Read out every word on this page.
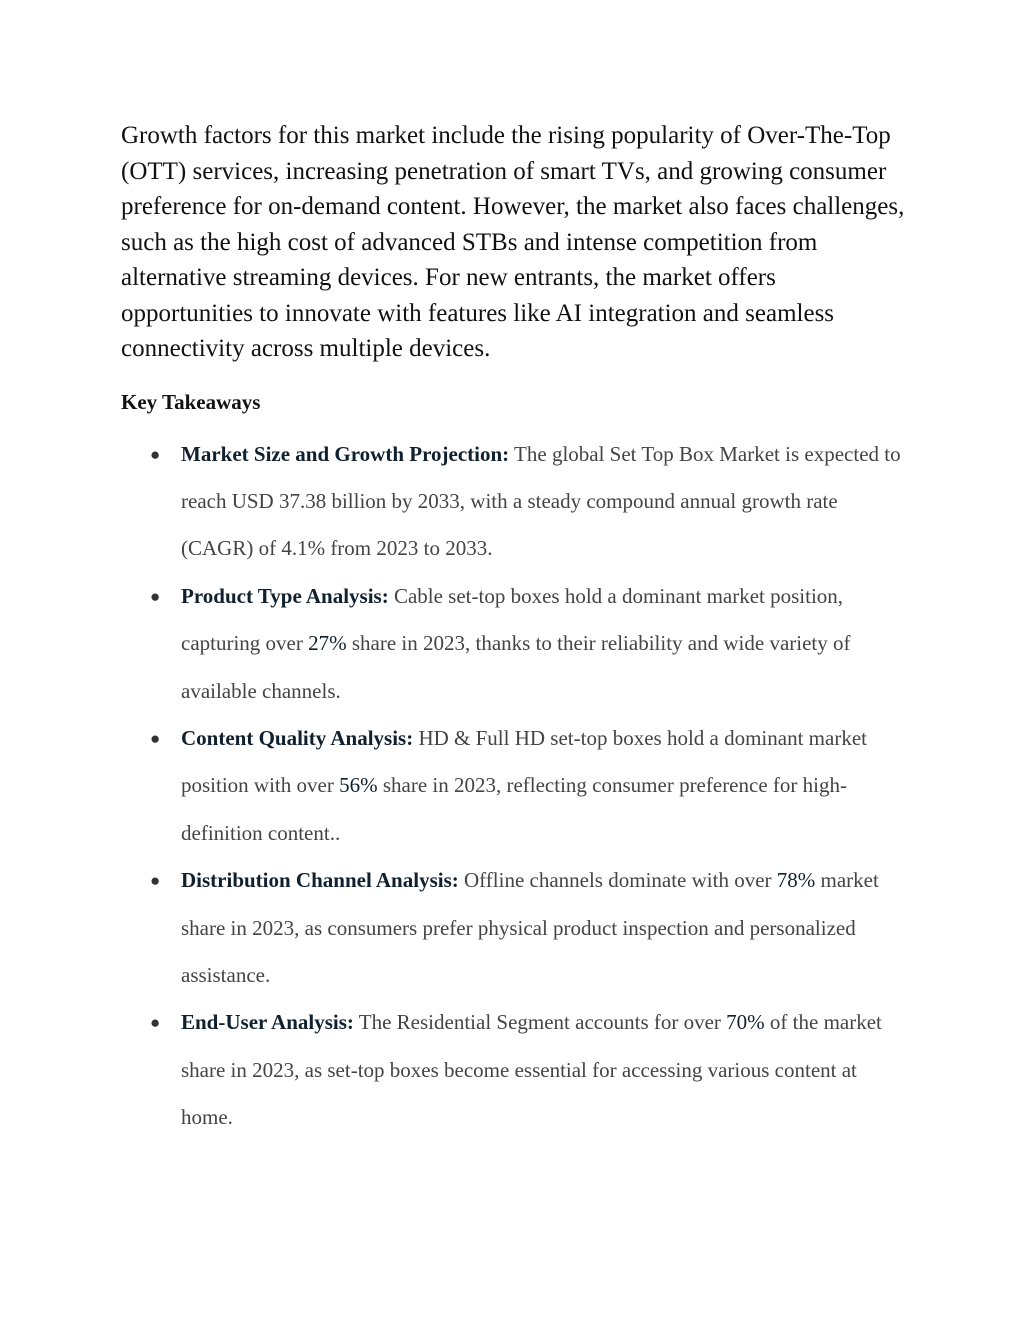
Growth factors for this market include the rising popularity of Over-The-Top (OTT) services, increasing penetration of smart TVs, and growing consumer preference for on-demand content. However, the market also faces challenges, such as the high cost of advanced STBs and intense competition from alternative streaming devices. For new entrants, the market offers opportunities to innovate with features like AI integration and seamless connectivity across multiple devices.

Key Takeaways
● Market Size and Growth Projection: The global Set Top Box Market is expected to reach USD 37.38 billion by 2033, with a steady compound annual growth rate (CAGR) of 4.1% from 2023 to 2033.
● Product Type Analysis: Cable set-top boxes hold a dominant market position, capturing over 27% share in 2023, thanks to their reliability and wide variety of available channels.
● Content Quality Analysis: HD & Full HD set-top boxes hold a dominant market position with over 56% share in 2023, reflecting consumer preference for high-definition content..
● Distribution Channel Analysis: Offline channels dominate with over 78% market share in 2023, as consumers prefer physical product inspection and personalized assistance.
● End-User Analysis: The Residential Segment accounts for over 70% of the market share in 2023, as set-top boxes become essential for accessing various content at home.
